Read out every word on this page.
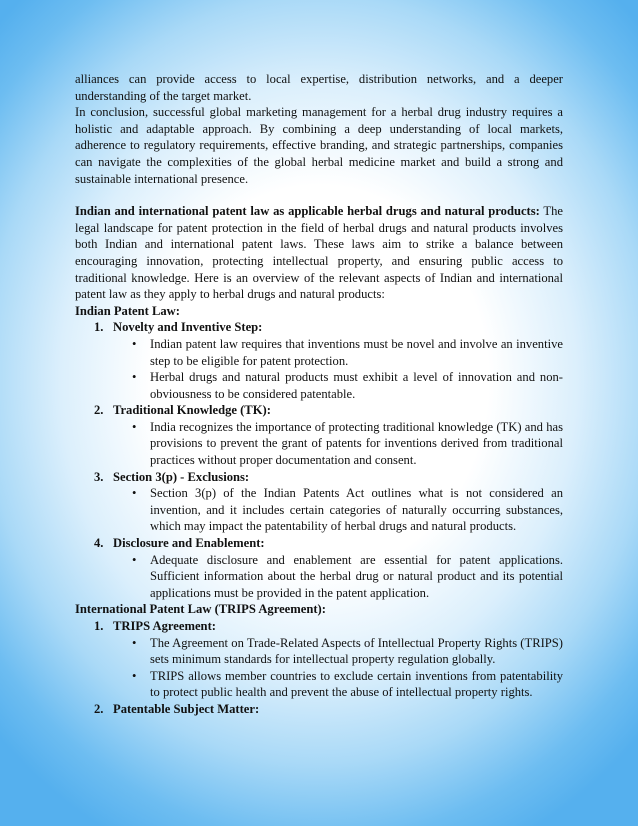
alliances can provide access to local expertise, distribution networks, and a deeper understanding of the target market.

In conclusion, successful global marketing management for a herbal drug industry requires a holistic and adaptable approach. By combining a deep understanding of local markets, adherence to regulatory requirements, effective branding, and strategic partnerships, companies can navigate the complexities of the global herbal medicine market and build a strong and sustainable international presence.

Indian and international patent law as applicable herbal drugs and natural products: The legal landscape for patent protection in the field of herbal drugs and natural products involves both Indian and international patent laws. These laws aim to strike a balance between encouraging innovation, protecting intellectual property, and ensuring public access to traditional knowledge. Here is an overview of the relevant aspects of Indian and international patent law as they apply to herbal drugs and natural products:

Indian Patent Law:
1. Novelty and Inventive Step:
• Indian patent law requires that inventions must be novel and involve an inventive step to be eligible for patent protection.
• Herbal drugs and natural products must exhibit a level of innovation and non-obviousness to be considered patentable.
2. Traditional Knowledge (TK):
• India recognizes the importance of protecting traditional knowledge (TK) and has provisions to prevent the grant of patents for inventions derived from traditional practices without proper documentation and consent.
3. Section 3(p) - Exclusions:
• Section 3(p) of the Indian Patents Act outlines what is not considered an invention, and it includes certain categories of naturally occurring substances, which may impact the patentability of herbal drugs and natural products.
4. Disclosure and Enablement:
• Adequate disclosure and enablement are essential for patent applications. Sufficient information about the herbal drug or natural product and its potential applications must be provided in the patent application.
International Patent Law (TRIPS Agreement):
1. TRIPS Agreement:
• The Agreement on Trade-Related Aspects of Intellectual Property Rights (TRIPS) sets minimum standards for intellectual property regulation globally.
• TRIPS allows member countries to exclude certain inventions from patentability to protect public health and prevent the abuse of intellectual property rights.
2. Patentable Subject Matter:
